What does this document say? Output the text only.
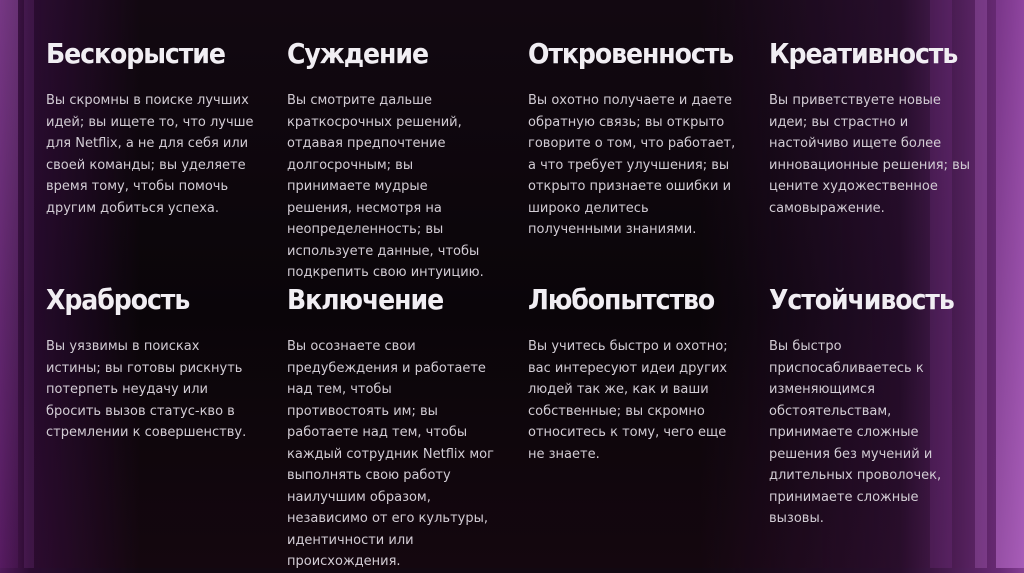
Бескорыстие

Вы скромны в поиске лучших идей; вы ищете то, что лучше для Netflix, а не для себя или своей команды; вы уделяете время тому, чтобы помочь другим добиться успеха.

Суждение

Вы смотрите дальше краткосрочных решений, отдавая предпочтение долгосрочным; вы принимаете мудрые решения, несмотря на неопределенность; вы используете данные, чтобы подкрепить свою интуицию.

Откровенность

Вы охотно получаете и даете обратную связь; вы открыто говорите о том, что работает, а что требует улучшения; вы открыто признаете ошибки и широко делитесь полученными знаниями.

Креативность

Вы приветствуете новые идеи; вы страстно и настойчиво ищете более инновационные решения; вы цените художественное самовыражение.

Храбрость

Вы уязвимы в поисках истины; вы готовы рискнуть потерпеть неудачу или бросить вызов статус-кво в стремлении к совершенству.

Включение

Вы осознаете свои предубеждения и работаете над тем, чтобы противостоять им; вы работаете над тем, чтобы каждый сотрудник Netflix мог выполнять свою работу наилучшим образом, независимо от его культуры, идентичности или происхождения.

Любопытство

Вы учитесь быстро и охотно; вас интересуют идеи других людей так же, как и ваши собственные; вы скромно относитесь к тому, чего еще не знаете.

Устойчивость

Вы быстро приспосабливаетесь к изменяющимся обстоятельствам, принимаете сложные решения без мучений и длительных проволочек, принимаете сложные вызовы.
